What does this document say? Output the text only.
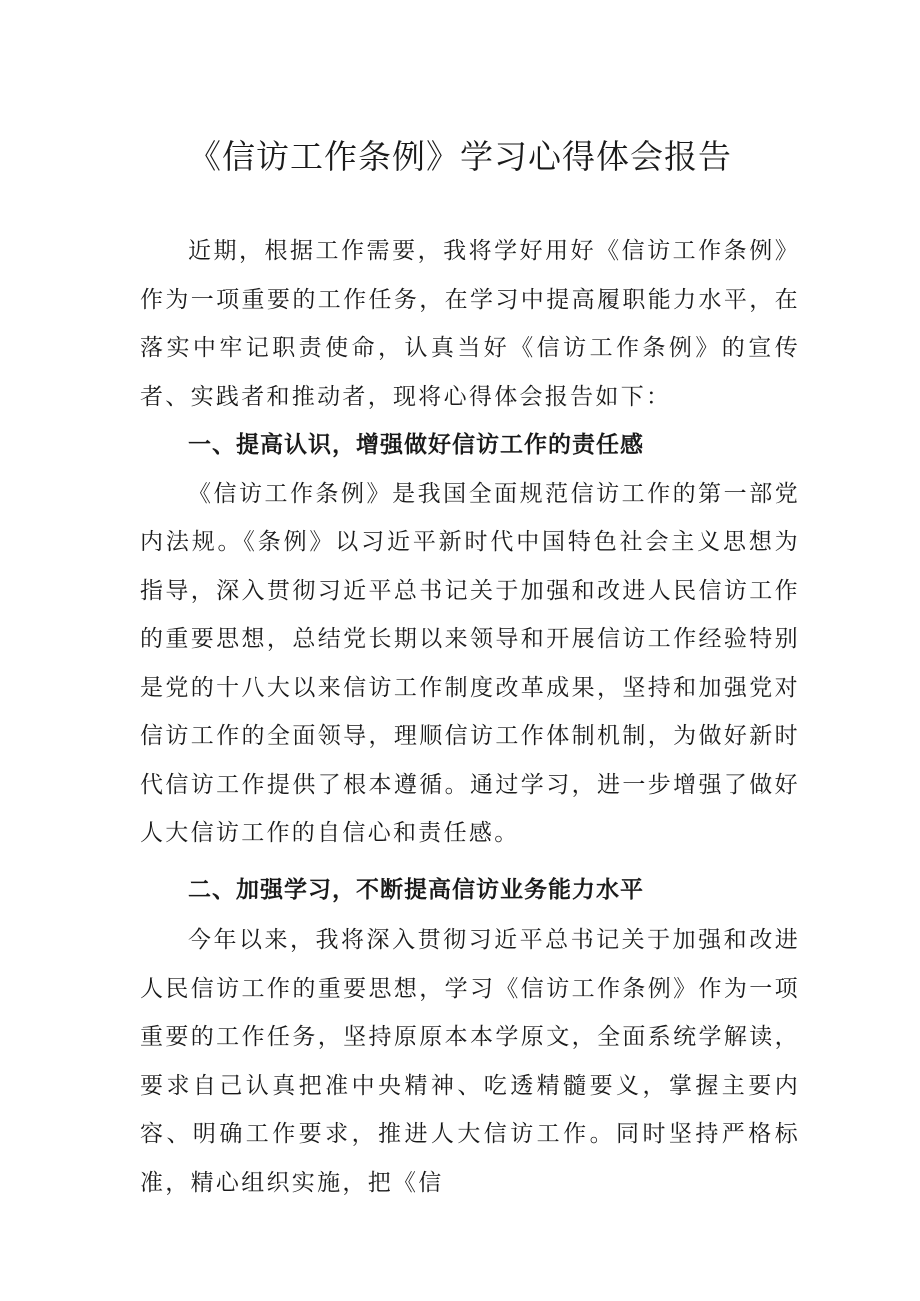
《信访工作条例》学习心得体会报告

近期，根据工作需要，我将学好用好《信访工作条例》作为一项重要的工作任务，在学习中提高履职能力水平，在落实中牢记职责使命，认真当好《信访工作条例》的宣传者、实践者和推动者，现将心得体会报告如下：

一、提高认识，增强做好信访工作的责任感

《信访工作条例》是我国全面规范信访工作的第一部党内法规。《条例》以习近平新时代中国特色社会主义思想为指导，深入贯彻习近平总书记关于加强和改进人民信访工作的重要思想，总结党长期以来领导和开展信访工作经验特别是党的十八大以来信访工作制度改革成果，坚持和加强党对信访工作的全面领导，理顺信访工作体制机制，为做好新时代信访工作提供了根本遵循。通过学习，进一步增强了做好人大信访工作的自信心和责任感。

二、加强学习，不断提高信访业务能力水平

今年以来，我将深入贯彻习近平总书记关于加强和改进人民信访工作的重要思想，学习《信访工作条例》作为一项重要的工作任务，坚持原原本本学原文，全面系统学解读，要求自己认真把准中央精神、吃透精髓要义，掌握主要内容、明确工作要求，推进人大信访工作。同时坚持严格标准，精心组织实施，把《信
